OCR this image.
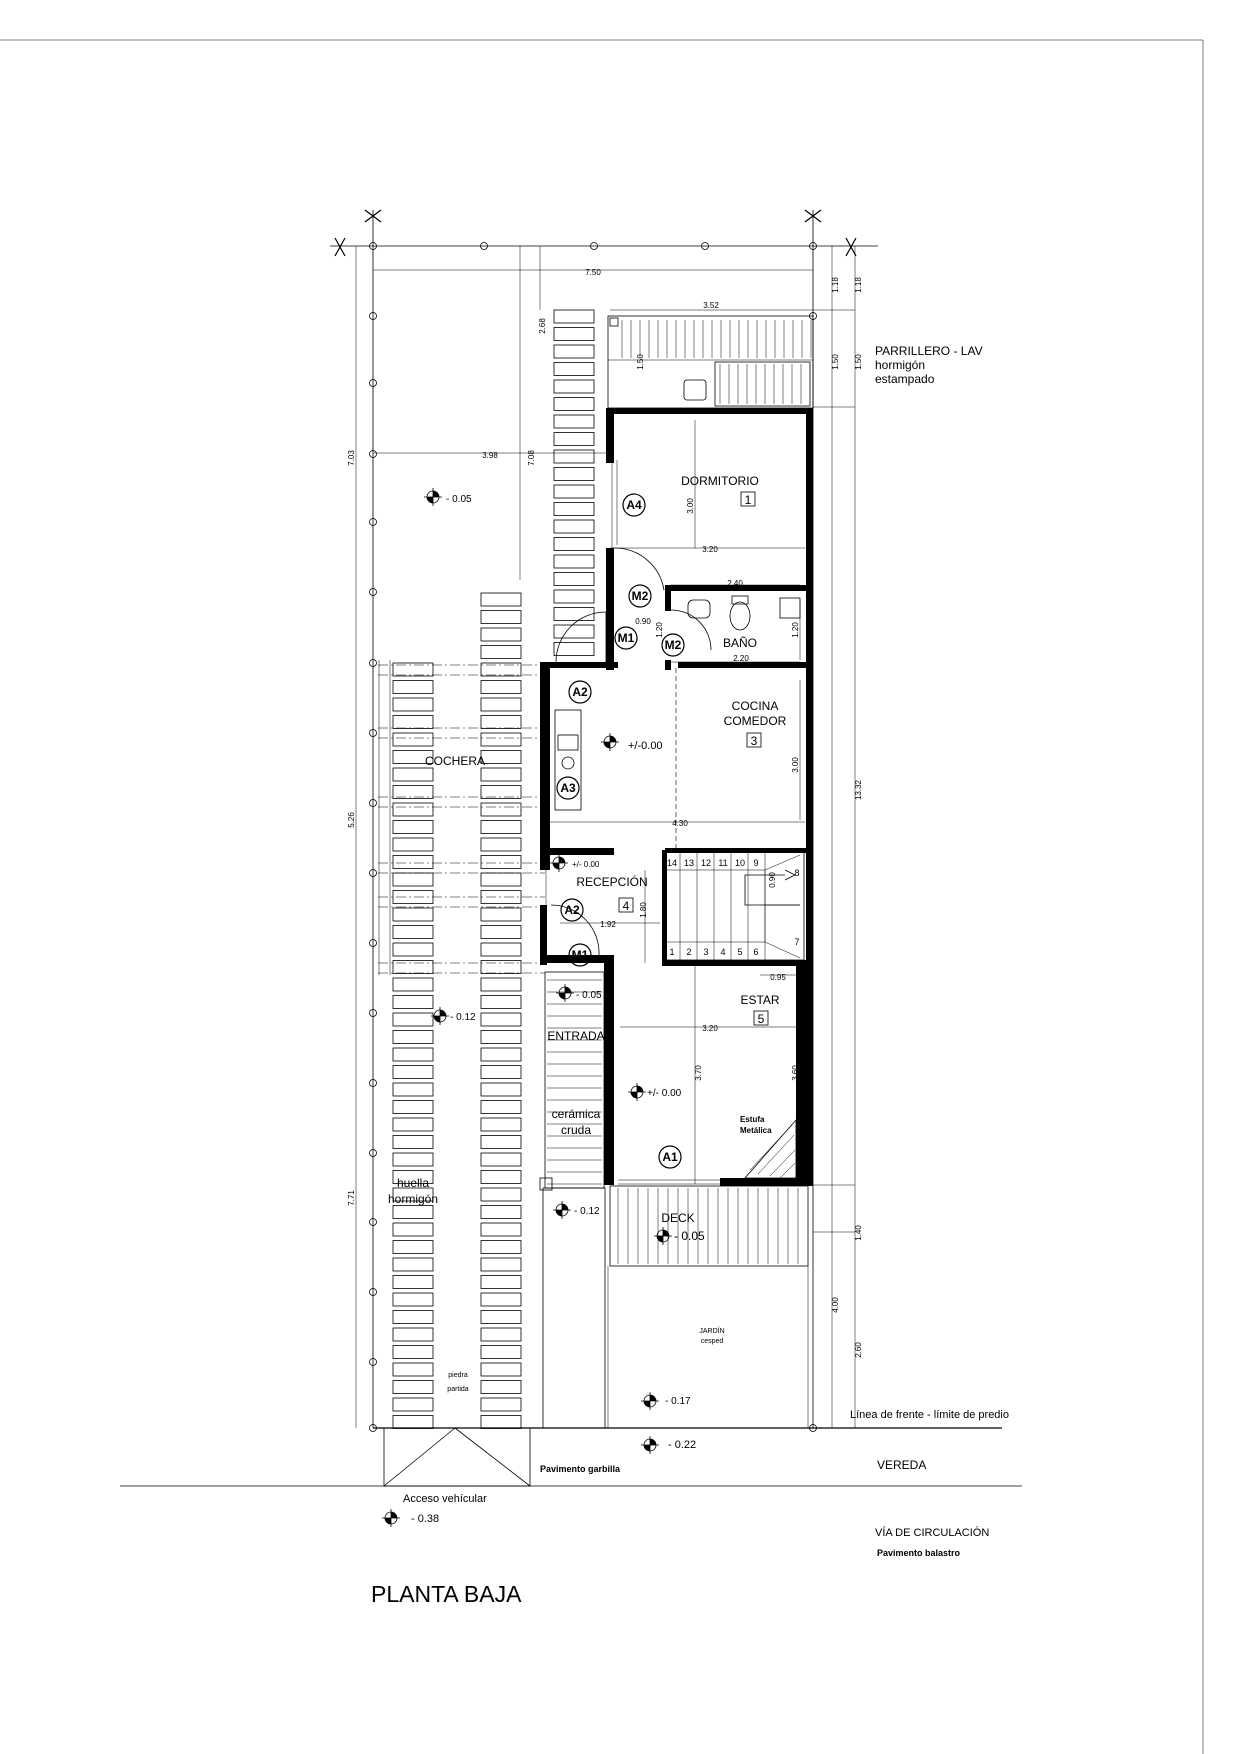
A4
M2
M1	M2
A2
A3
A2
M1
A1
DORMITORIO
1
BAÑO
COCINA
COMEDOR
3
RECEPCIÓN
4
ESTAR
5
COCHERA
ENTRADA
DECK
PARRILLERO - LAV
hormigón
estampado
cerámica
cruda
huella
hormigón
piedra
partida
JARDÍN
cesped
Estufa
Metálica
Línea de frente - límite de predio
VEREDA
Pavimento garbilla
Acceso vehícular
VÍA DE CIRCULACIÓN
Pavimento balastro
PLANTA BAJA
7.50
3.52
3.98
3.20
2.40
0.90
2.20
4.30
1.92
0.95
3.20
2.68
1.50
1.18 1.18
1.50 1.50
7.03	7.08
3.00
1.20	1.20
3.00
5.26
1.80
0.90
13.32
3.70	3.60
7.71
1.40
4.00
2.60
14 13 12 11 10 9
8
7
1 2 3 4 5 6
- 0.05
+/-0.00
+/- 0.00
- 0.05
- 0.12
+/- 0.00
- 0.12
- 0.05
- 0.17
- 0.22
- 0.38
